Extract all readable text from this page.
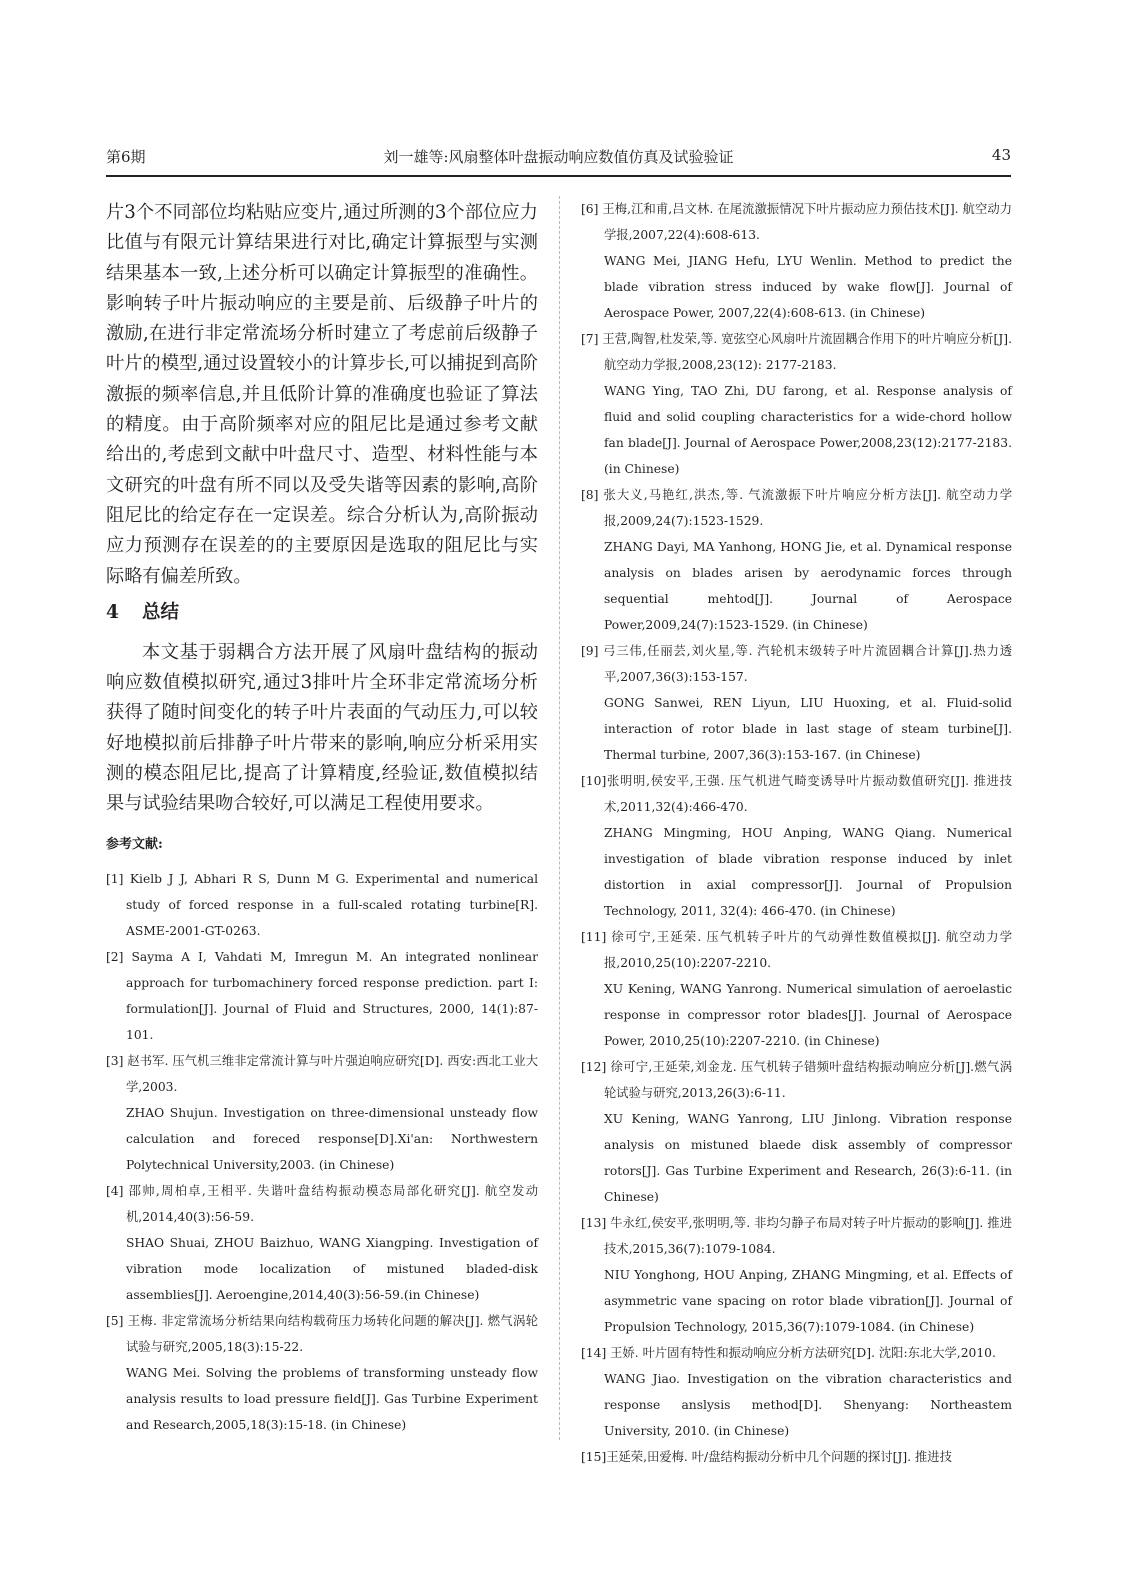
第6期	刘一雄等:风扇整体叶盘振动响应数值仿真及试验验证	43

片3个不同部位均粘贴应变片,通过所测的3个部位应力比值与有限元计算结果进行对比,确定计算振型与实测结果基本一致,上述分析可以确定计算振型的准确性。影响转子叶片振动响应的主要是前、后级静子叶片的激励,在进行非定常流场分析时建立了考虑前后级静子叶片的模型,通过设置较小的计算步长,可以捕捉到高阶激振的频率信息,并且低阶计算的准确度也验证了算法的精度。由于高阶频率对应的阻尼比是通过参考文献给出的,考虑到文献中叶盘尺寸、造型、材料性能与本文研究的叶盘有所不同以及受失谐等因素的影响,高阶阻尼比的给定存在一定误差。综合分析认为,高阶振动应力预测存在误差的的主要原因是选取的阻尼比与实际略有偏差所致。

4 总结

本文基于弱耦合方法开展了风扇叶盘结构的振动响应数值模拟研究,通过3排叶片全环非定常流场分析获得了随时间变化的转子叶片表面的气动压力,可以较好地模拟前后排静子叶片带来的影响,响应分析采用实测的模态阻尼比,提高了计算精度,经验证,数值模拟结果与试验结果吻合较好,可以满足工程使用要求。

参考文献:
[1] Kielb J J, Abhari R S, Dunn M G. Experimental and numerical study of forced response in a full-scaled rotating turbine[R]. ASME-2001-GT-0263.
[2] Sayma A I, Vahdati M, Imregun M. An integrated nonlinear approach for turbomachinery forced response prediction. part I: formulation[J]. Journal of Fluid and Structures, 2000, 14(1):87-101.
[3] 赵书军. 压气机三维非定常流计算与叶片强迫响应研究[D]. 西安:西北工业大学,2003.
ZHAO Shujun. Investigation on three-dimensional unsteady flow calculation and foreced response[D].Xi'an: Northwestern Polytechnical University,2003. (in Chinese)
[4] 邵帅,周柏卓,王相平. 失谐叶盘结构振动模态局部化研究[J]. 航空发动机,2014,40(3):56-59.
SHAO Shuai, ZHOU Baizhuo, WANG Xiangping. Investigation of vibration mode localization of mistuned bladed-disk assemblies[J]. Aeroengine,2014,40(3):56-59.(in Chinese)
[5] 王梅. 非定常流场分析结果向结构载荷压力场转化问题的解决[J]. 燃气涡轮试验与研究,2005,18(3):15-22.
WANG Mei. Solving the problems of transforming unsteady flow analysis results to load pressure field[J]. Gas Turbine Experiment and Research,2005,18(3):15-18. (in Chinese)
[6] 王梅,江和甫,吕文林. 在尾流激振情况下叶片振动应力预估技术[J]. 航空动力学报,2007,22(4):608-613.
WANG Mei, JIANG Hefu, LYU Wenlin. Method to predict the blade vibration stress induced by wake flow[J]. Journal of Aerospace Power, 2007,22(4):608-613. (in Chinese)
[7] 王营,陶智,杜发荣,等. 宽弦空心风扇叶片流固耦合作用下的叶片响应分析[J]. 航空动力学报,2008,23(12): 2177-2183.
WANG Ying, TAO Zhi, DU farong, et al. Response analysis of fluid and solid coupling characteristics for a wide-chord hollow fan blade[J]. Journal of Aerospace Power,2008,23(12):2177-2183. (in Chinese)
[8] 张大义,马艳红,洪杰,等. 气流激振下叶片响应分析方法[J]. 航空动力学报,2009,24(7):1523-1529.
ZHANG Dayi, MA Yanhong, HONG Jie, et al. Dynamical response analysis on blades arisen by aerodynamic forces through sequential mehtod[J]. Journal of Aerospace Power,2009,24(7):1523-1529. (in Chinese)
[9] 弓三伟,任丽芸,刘火星,等. 汽轮机末级转子叶片流固耦合计算[J].热力透平,2007,36(3):153-157.
GONG Sanwei, REN Liyun, LIU Huoxing, et al. Fluid-solid interaction of rotor blade in last stage of steam turbine[J]. Thermal turbine, 2007,36(3):153-167. (in Chinese)
[10]张明明,侯安平,王强. 压气机进气畸变诱导叶片振动数值研究[J]. 推进技术,2011,32(4):466-470.
ZHANG Mingming, HOU Anping, WANG Qiang. Numerical investigation of blade vibration response induced by inlet distortion in axial compressor[J]. Journal of Propulsion Technology, 2011, 32(4): 466-470. (in Chinese)
[11] 徐可宁,王延荣. 压气机转子叶片的气动弹性数值模拟[J]. 航空动力学报,2010,25(10):2207-2210.
XU Kening, WANG Yanrong. Numerical simulation of aeroelastic response in compressor rotor blades[J]. Journal of Aerospace Power, 2010,25(10):2207-2210. (in Chinese)
[12] 徐可宁,王延荣,刘金龙. 压气机转子错频叶盘结构振动响应分析[J].燃气涡轮试验与研究,2013,26(3):6-11.
XU Kening, WANG Yanrong, LIU Jinlong. Vibration response analysis on mistuned blaede disk assembly of compressor rotors[J]. Gas Turbine Experiment and Research, 26(3):6-11. (in Chinese)
[13] 牛永红,侯安平,张明明,等. 非均匀静子布局对转子叶片振动的影响[J]. 推进技术,2015,36(7):1079-1084.
NIU Yonghong, HOU Anping, ZHANG Mingming, et al. Effects of asymmetric vane spacing on rotor blade vibration[J]. Journal of Propulsion Technology, 2015,36(7):1079-1084. (in Chinese)
[14] 王娇. 叶片固有特性和振动响应分析方法研究[D]. 沈阳:东北大学,2010.
WANG Jiao. Investigation on the vibration characteristics and response anslysis method[D]. Shenyang: Northeastem University, 2010. (in Chinese)
[15]王延荣,田爱梅. 叶/盘结构振动分析中几个问题的探讨[J]. 推进技
